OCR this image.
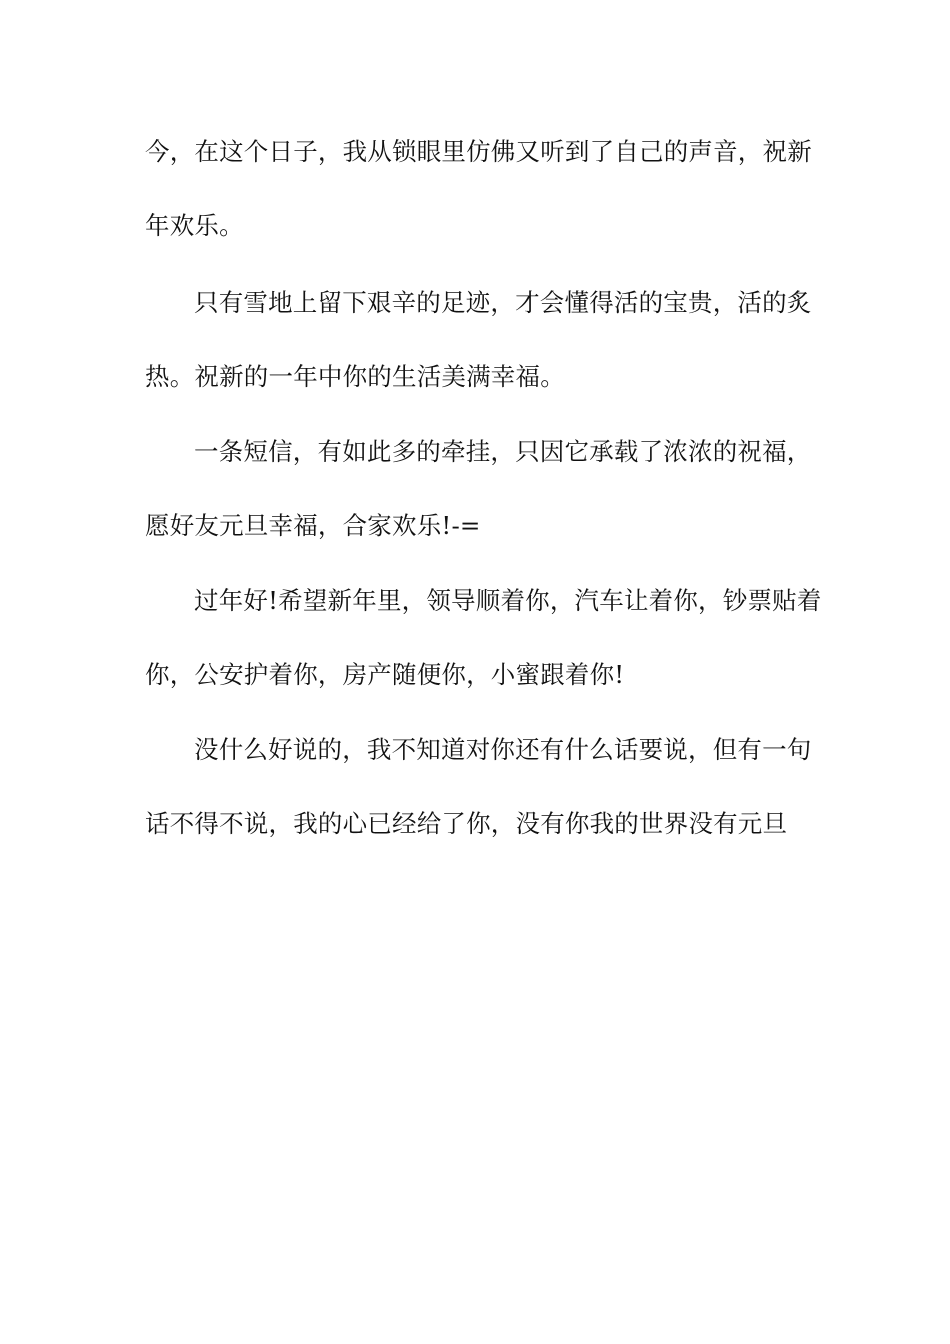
今，在这个日子，我从锁眼里仿佛又听到了自己的声音，祝新
年欢乐。
只有雪地上留下艰辛的足迹，才会懂得活的宝贵，活的炙
热。祝新的一年中你的生活美满幸福。
一条短信，有如此多的牵挂，只因它承载了浓浓的祝福，
愿好友元旦幸福，合家欢乐!-=
过年好!希望新年里，领导顺着你，汽车让着你，钞票贴着
你，公安护着你，房产随便你，小蜜跟着你!
没什么好说的，我不知道对你还有什么话要说，但有一句
话不得不说，我的心已经给了你，没有你我的世界没有元旦
